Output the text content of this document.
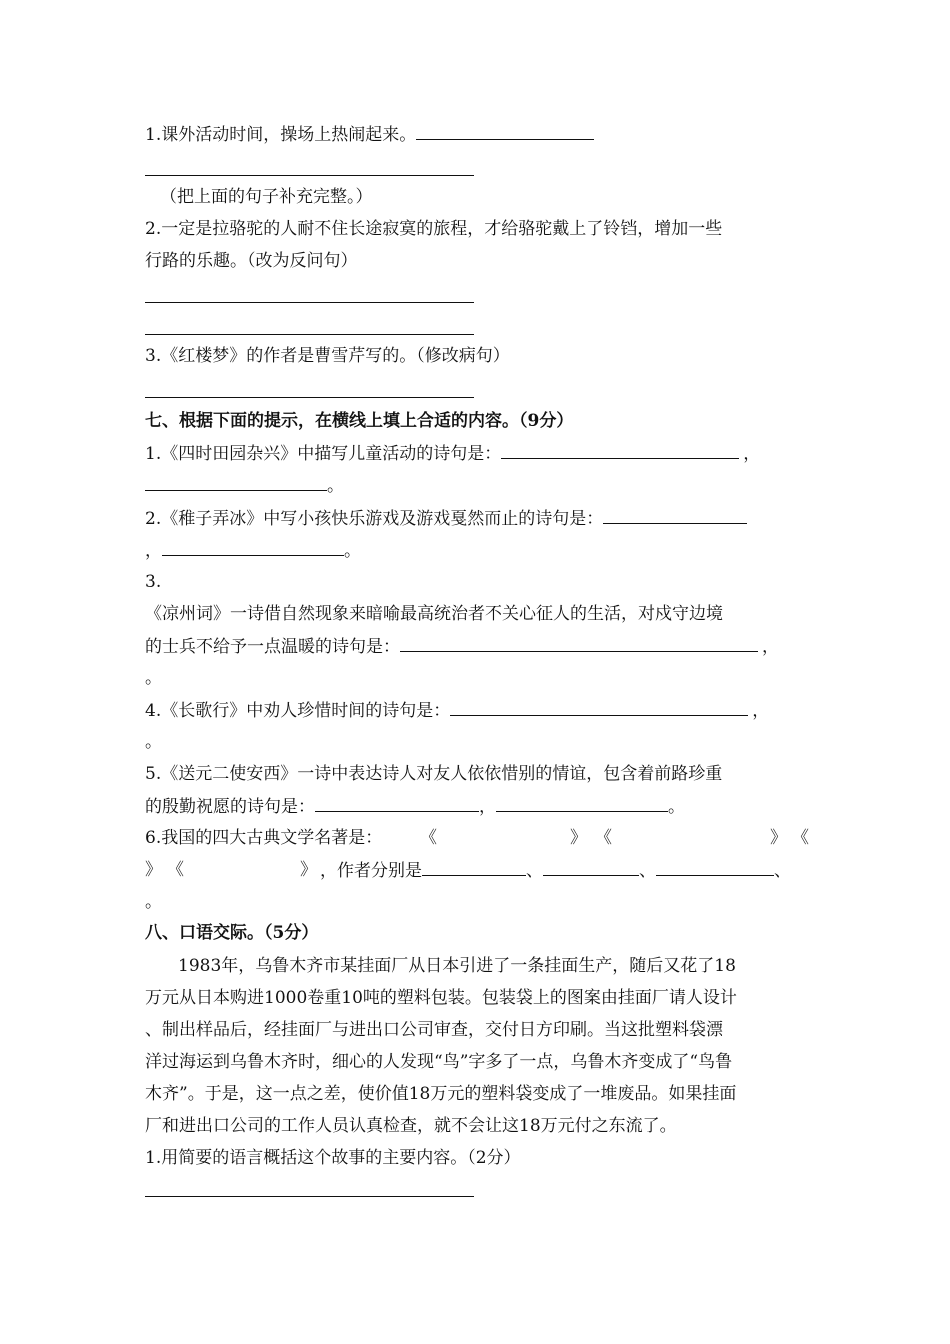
1.课外活动时间，操场上热闹起来。
（把上面的句子补充完整。）
2.一定是拉骆驼的人耐不住长途寂寞的旅程，才给骆驼戴上了铃铛，增加一些
行路的乐趣。（改为反问句）
3.《红楼梦》的作者是曹雪芹写的。（修改病句）
七、根据下面的提示，在横线上填上合适的内容。（9分）
1.《四时田园杂兴》中描写儿童活动的诗句是：	，
。
2.《稚子弄冰》中写小孩快乐游戏及游戏戛然而止的诗句是：
，	。
3.
《凉州词》一诗借自然现象来暗喻最高统治者不关心征人的生活，对戍守边境
的士兵不给予一点温暖的诗句是：	，
。
4.《长歌行》中劝人珍惜时间的诗句是：	，
。
5.《送元二使安西》一诗中表达诗人对友人依依惜别的情谊，包含着前路珍重
的殷勤祝愿的诗句是：	，	。
6.我国的四大古典文学名著是： 《	》 《	》 《
》 《	》 ，作者分别是	、	、	、
。
八、口语交际。（5分）
1983年，乌鲁木齐市某挂面厂从日本引进了一条挂面生产，随后又花了18
万元从日本购进1000卷重10吨的塑料包装。包装袋上的图案由挂面厂请人设计
、制出样品后，经挂面厂与进出口公司审查，交付日方印刷。当这批塑料袋漂
洋过海运到乌鲁木齐时，细心的人发现“鸟”字多了一点，乌鲁木齐变成了“鸟鲁
木齐”。于是，这一点之差，使价值18万元的塑料袋变成了一堆废品。如果挂面
厂和进出口公司的工作人员认真检查，就不会让这18万元付之东流了。
1.用简要的语言概括这个故事的主要内容。（2分）
